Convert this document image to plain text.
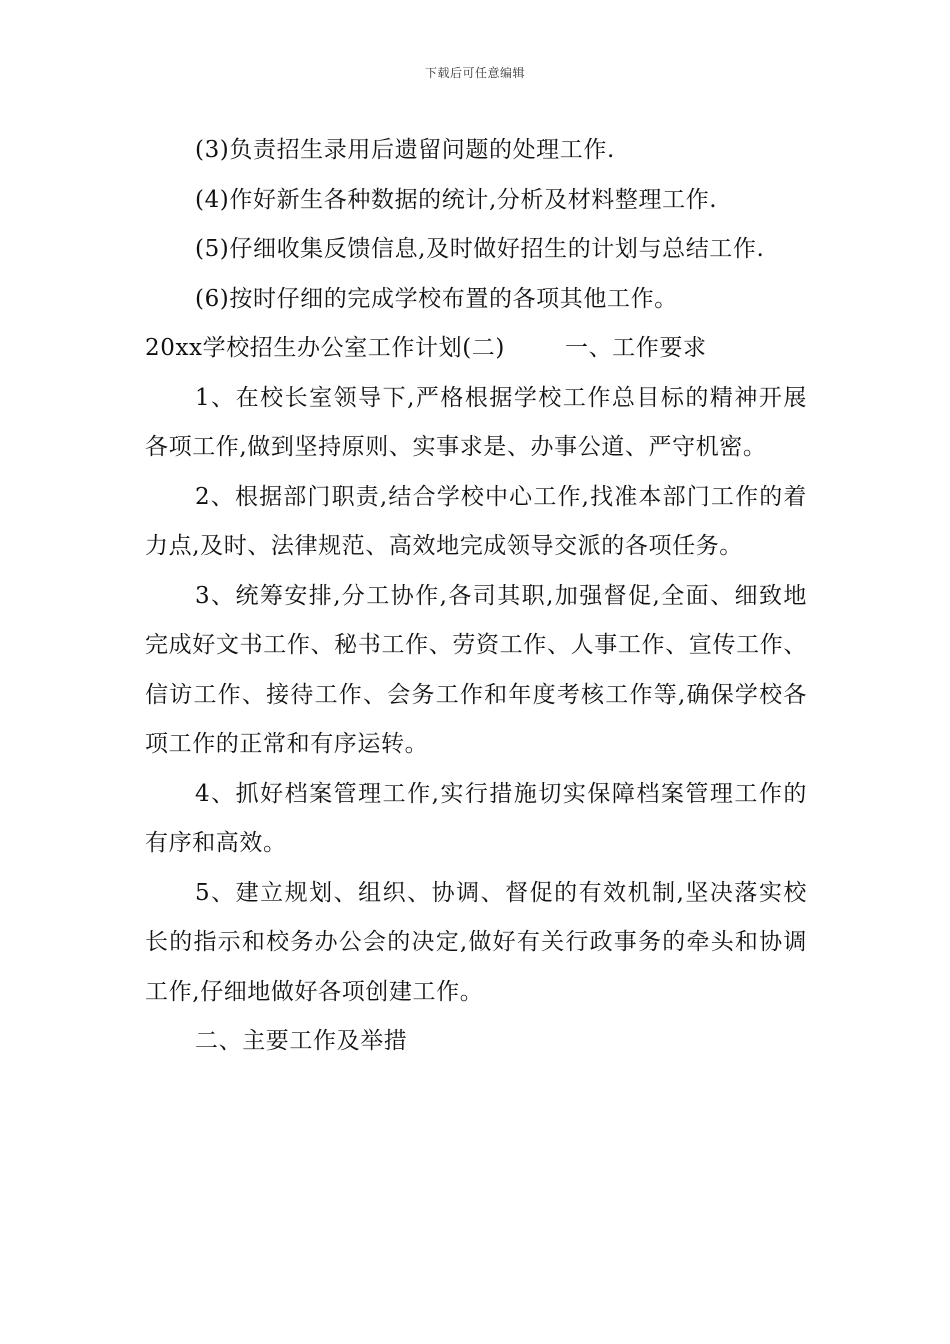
下载后可任意编辑

(3)负责招生录用后遗留问题的处理工作.

(4)作好新生各种数据的统计,分析及材料整理工作.

(5)仔细收集反馈信息,及时做好招生的计划与总结工作.

(6)按时仔细的完成学校布置的各项其他工作。

20xx学校招生办公室工作计划(二)	一、工作要求

1、在校长室领导下,严格根据学校工作总目标的精神开展各项工作,做到坚持原则、实事求是、办事公道、严守机密。

2、根据部门职责,结合学校中心工作,找准本部门工作的着力点,及时、法律规范、高效地完成领导交派的各项任务。

3、统筹安排,分工协作,各司其职,加强督促,全面、细致地完成好文书工作、秘书工作、劳资工作、人事工作、宣传工作、信访工作、接待工作、会务工作和年度考核工作等,确保学校各项工作的正常和有序运转。

4、抓好档案管理工作,实行措施切实保障档案管理工作的有序和高效。

5、建立规划、组织、协调、督促的有效机制,坚决落实校长的指示和校务办公会的决定,做好有关行政事务的牵头和协调工作,仔细地做好各项创建工作。

二、主要工作及举措
